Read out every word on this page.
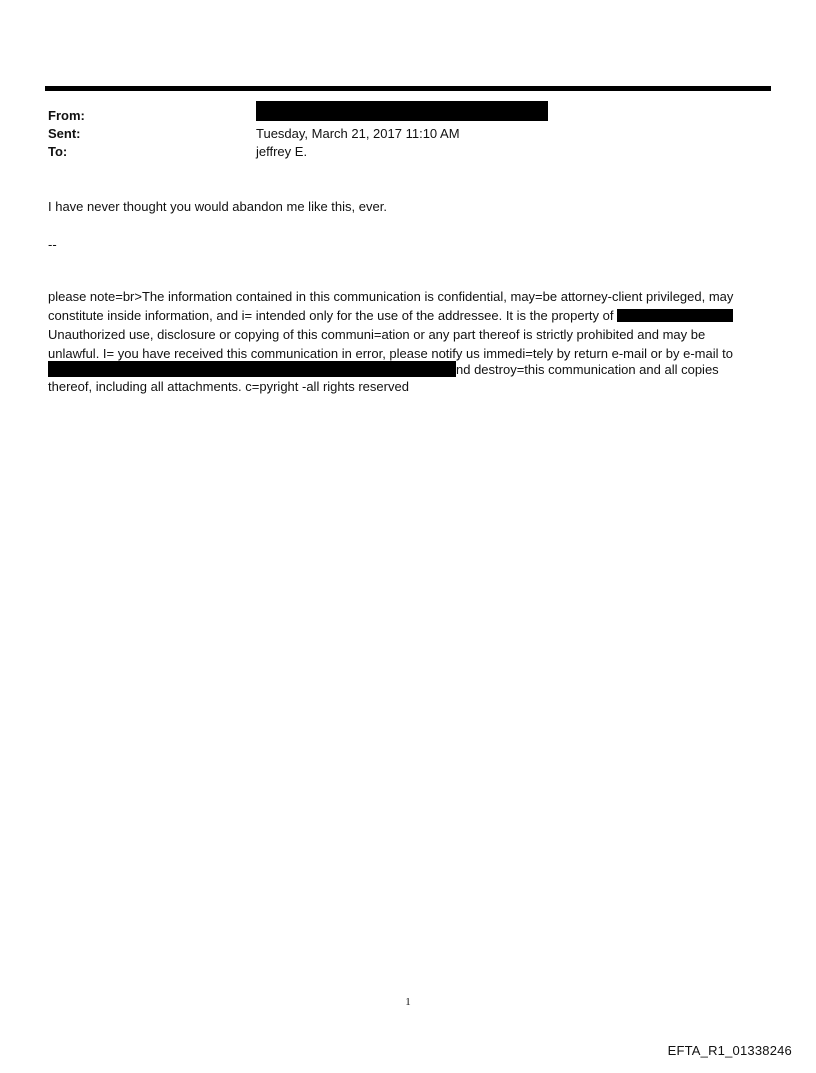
From:
Sent:	Tuesday, March 21, 2017 11:10 AM
To:	jeffrey E.
I have never thought you would abandon me like this, ever.
--
please note=br>The information contained in this communication is confidential, may=be attorney-client privileged, may
constitute inside information, and i= intended only for the use of the addressee. It is the property of
Unauthorized use, disclosure or copying of this communi=ation or any part thereof is strictly prohibited and may be
unlawful. I= you have received this communication in error, please notify us immedi=tely by return e-mail or by e-mail to
nd destroy=this communication and all copies
thereof, including all attachments. c=pyright -all rights reserved
1
EFTA_R1_01338246
